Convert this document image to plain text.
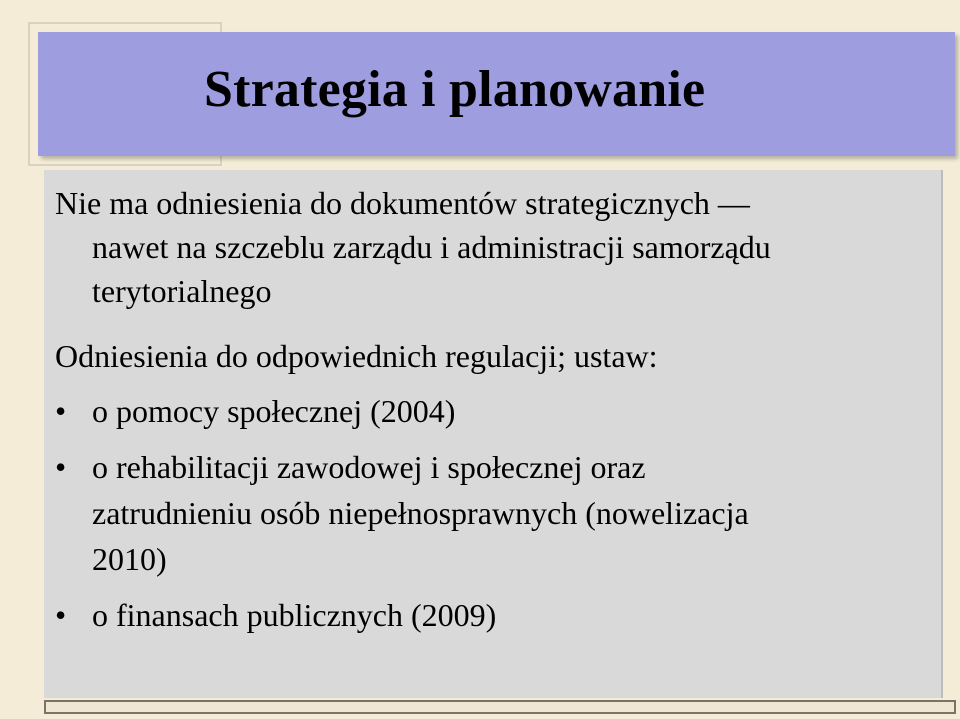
Strategia i planowanie
Nie ma odniesienia do dokumentów strategicznych —
nawet na szczeblu zarządu i administracji samorządu
terytorialnego
Odniesienia do odpowiednich regulacji; ustaw:
• o pomocy społecznej (2004)
• o rehabilitacji zawodowej i społecznej oraz
zatrudnieniu osób niepełnosprawnych (nowelizacja
2010)
• o finansach publicznych (2009)
